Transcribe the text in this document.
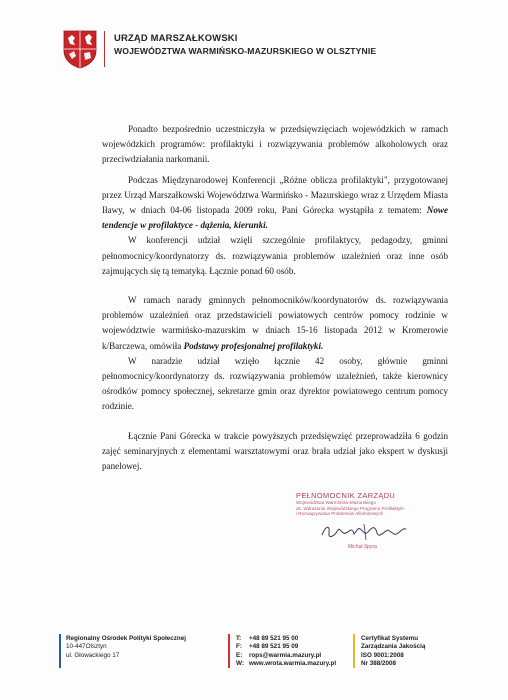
URZĄD MARSZAŁKOWSKI
WOJEWÓDZTWA WARMIŃSKO-MAZURSKIEGO W OLSZTYNIE

Ponadto bezpośrednio uczestniczyła w przedsięwzięciach wojewódzkich w ramach wojewódzkich programów: profilaktyki i rozwiązywania problemów alkoholowych oraz przeciwdziałania narkomanii.

Podczas Międzynarodowej Konferencji „Różne oblicza profilaktyki", przygotowanej przez Urząd Marszałkowski Województwa Warmińsko - Mazurskiego wraz z Urzędem Miasta Iławy, w dniach 04-06 listopada 2009 roku, Pani Górecka wystąpiła z tematem: Nowe tendencje w profilaktyce - dążenia, kierunki.

W konferencji udział wzięli szczególnie profilaktycy, pedagodzy, gminni pełnomocnicy/koordynatorzy ds. rozwiązywania problemów uzależnień oraz inne osób zajmujących się tą tematyką. Łącznie ponad 60 osób.

W ramach narady gminnych pełnomocników/koordynatorów ds. rozwiązywania problemów uzależnień oraz przedstawicieli powiatowych centrów pomocy rodzinie w województwie warmińsko-mazurskim w dniach 15-16 listopada 2012 w Kromerowie k/Barczewa, omówiła Podstawy profesjonalnej profilaktyki.

W naradzie udział wzięło łącznie 42 osoby, głównie gminni pełnomocnicy/koordynatorzy ds. rozwiązywania problemów uzależnień, także kierownicy ośrodków pomocy społecznej, sekretarze gmin oraz dyrektor powiatowego centrum pomocy rodzinie.

Łącznie Pani Górecka w trakcie powyższych przedsięwzięć przeprowadziła 6 godzin zajęć seminaryjnych z elementami warsztatowymi oraz brała udział jako ekspert w dyskusji panelowej.

PEŁNOMOCNIK ZARZĄDU
Województwa Warmińsko-Mazurskiego
ds. Wdrażania Wojewódzkiego Programu Profilaktyki
i Rozwiązywania Problemów Alkoholowych
Michał Spyra
Regionalny Ośrodek Polityki Społecznej
10-447Olsztyn
ul. Głowackiego 17
T: +48 89 521 95 00
F: +48 89 521 95 09
E: rops@warmia.mazury.pl
W: www.wrota.warmia.mazury.pl
Certyfikat Systemu
Zarządzania Jakością
ISO 9001:2008
Nr 388/2008
